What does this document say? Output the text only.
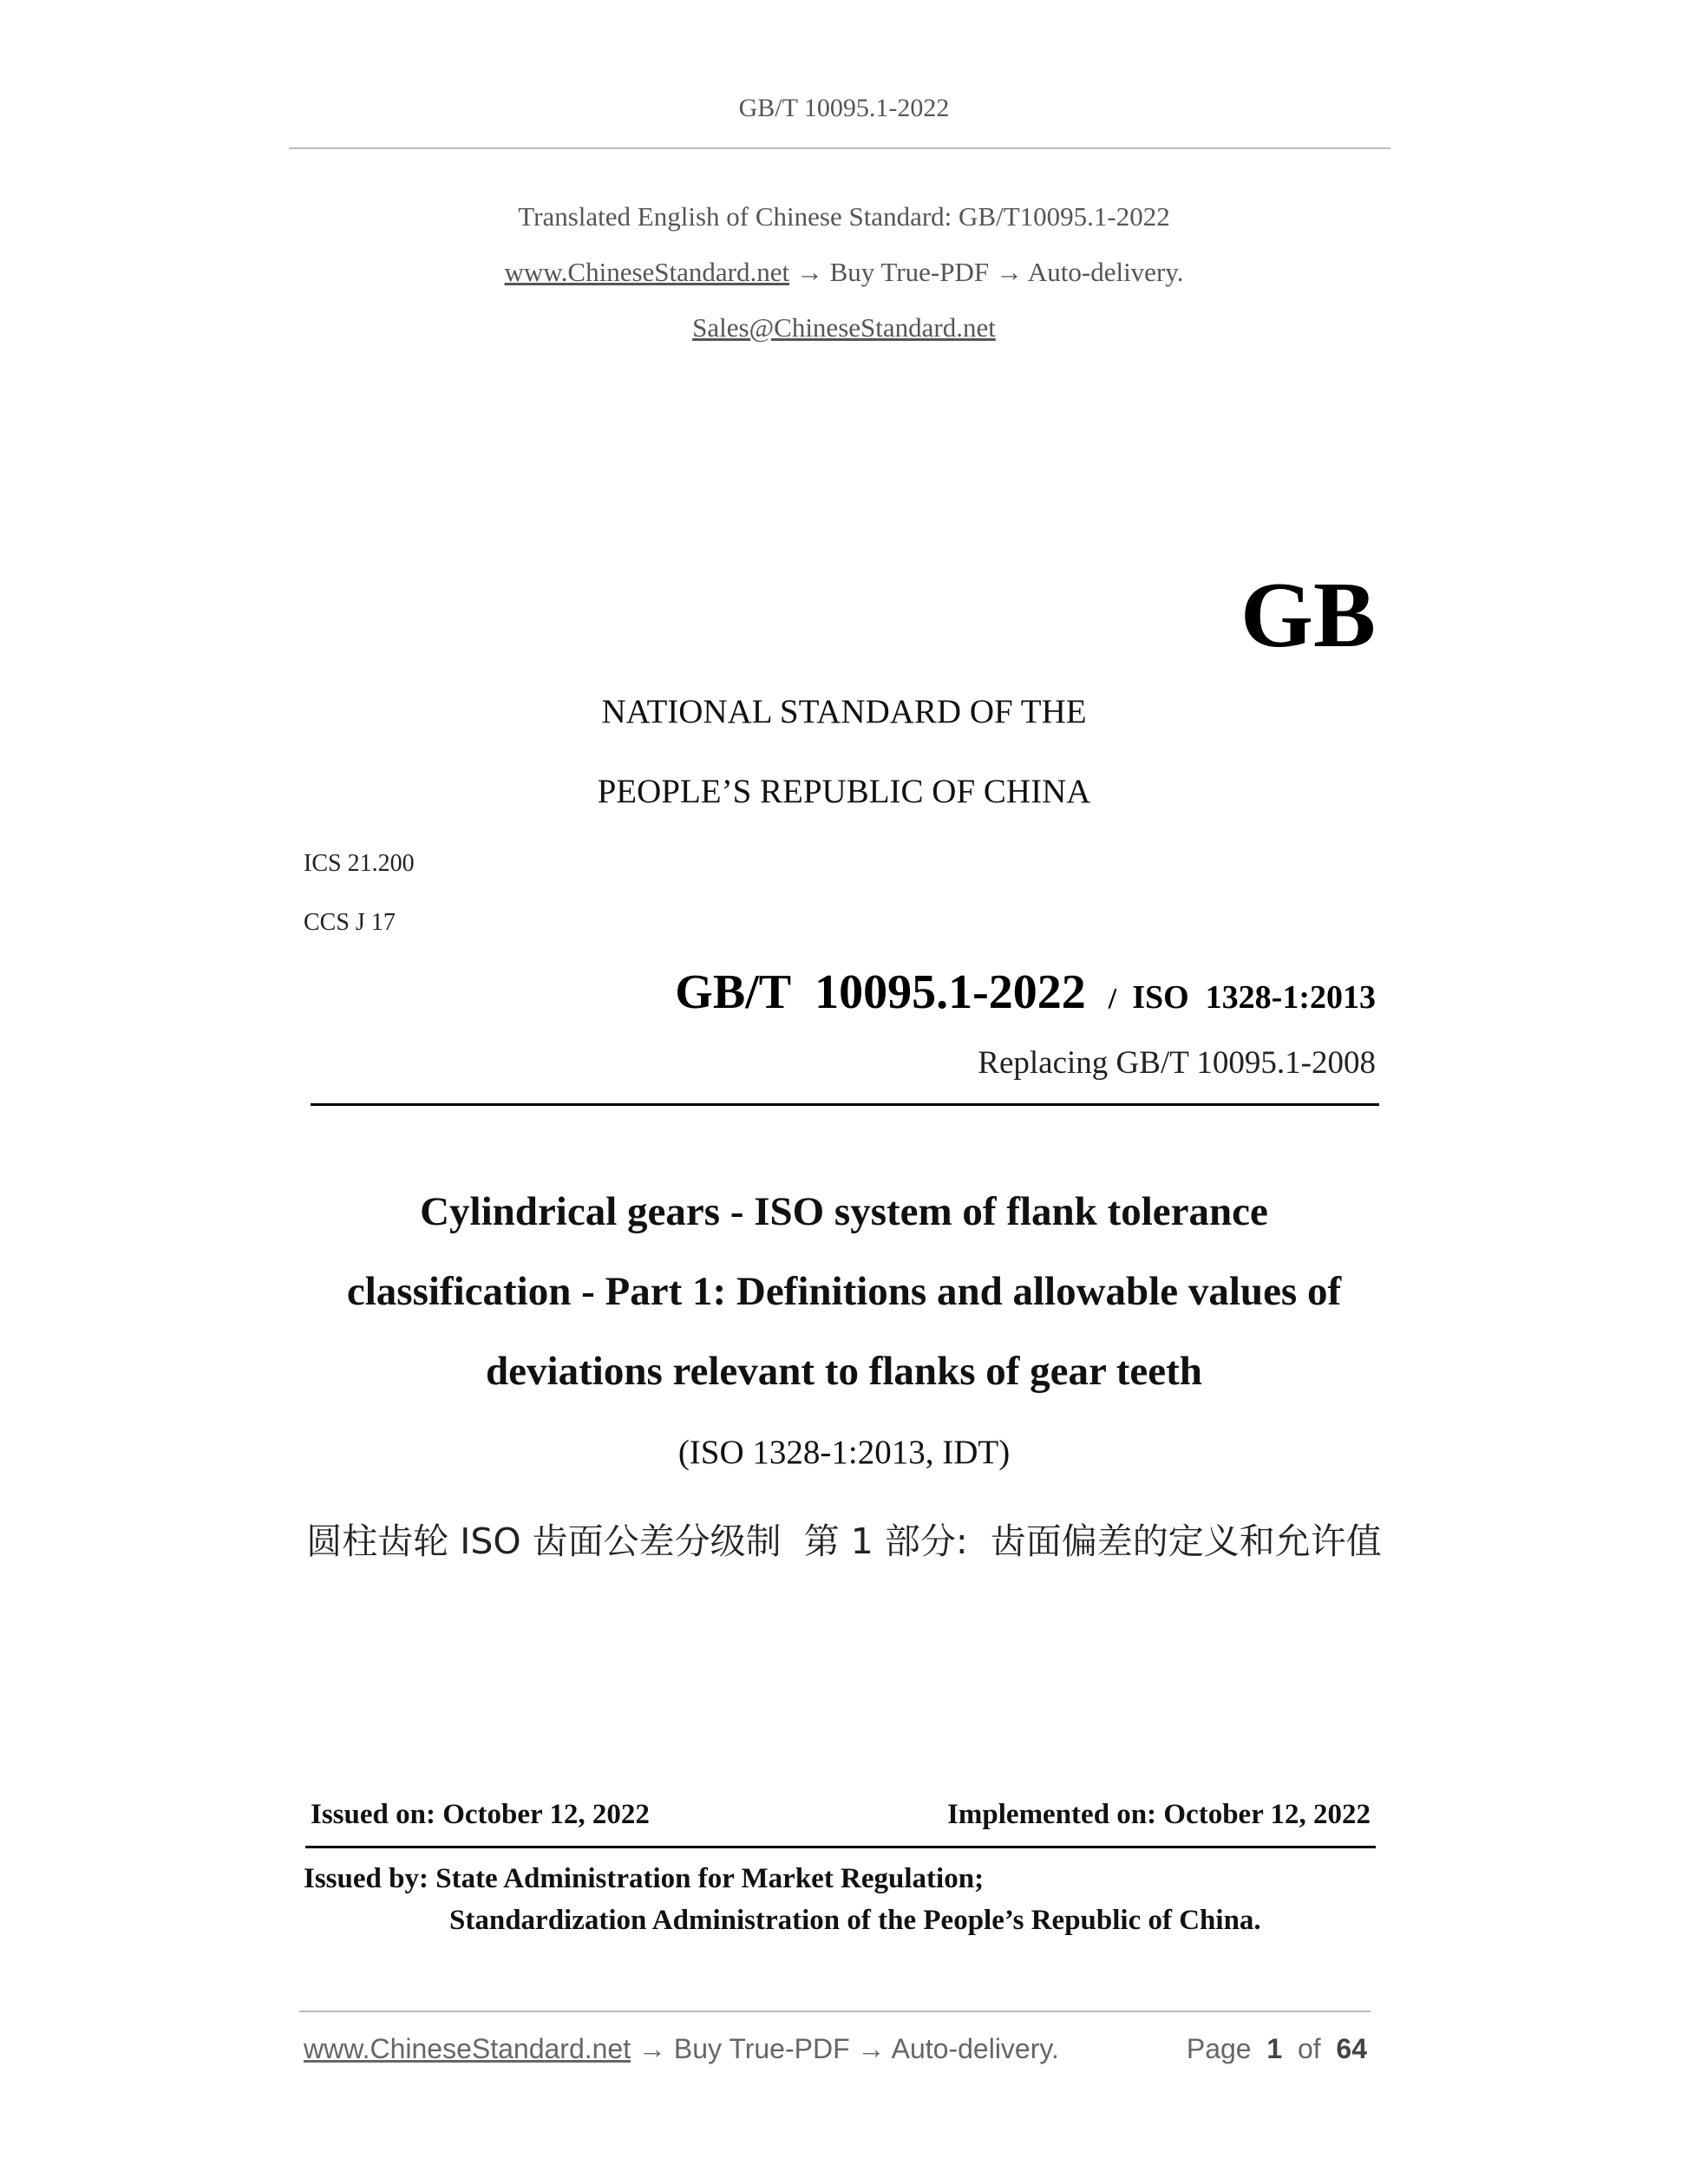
GB/T 10095.1-2022
Translated English of Chinese Standard: GB/T10095.1-2022
www.ChineseStandard.net → Buy True-PDF → Auto-delivery.
Sales@ChineseStandard.net
GB
NATIONAL STANDARD OF THE
PEOPLE’S REPUBLIC OF CHINA
ICS 21.200
CCS J 17
GB/T  10095.1-2022 / ISO  1328-1:2013
Replacing GB/T 10095.1-2008
Cylindrical gears - ISO system of flank tolerance
classification - Part 1: Definitions and allowable values of
deviations relevant to flanks of gear teeth
(ISO 1328-1:2013, IDT)
圆柱齿轮 ISO 齿面公差分级制  第 1 部分:  齿面偏差的定义和允许值
Issued on: October 12, 2022	Implemented on: October 12, 2022
Issued by: State Administration for Market Regulation;
Standardization Administration of the People’s Republic of China.
www.ChineseStandard.net → Buy True-PDF → Auto-delivery.	Page 1 of 64
